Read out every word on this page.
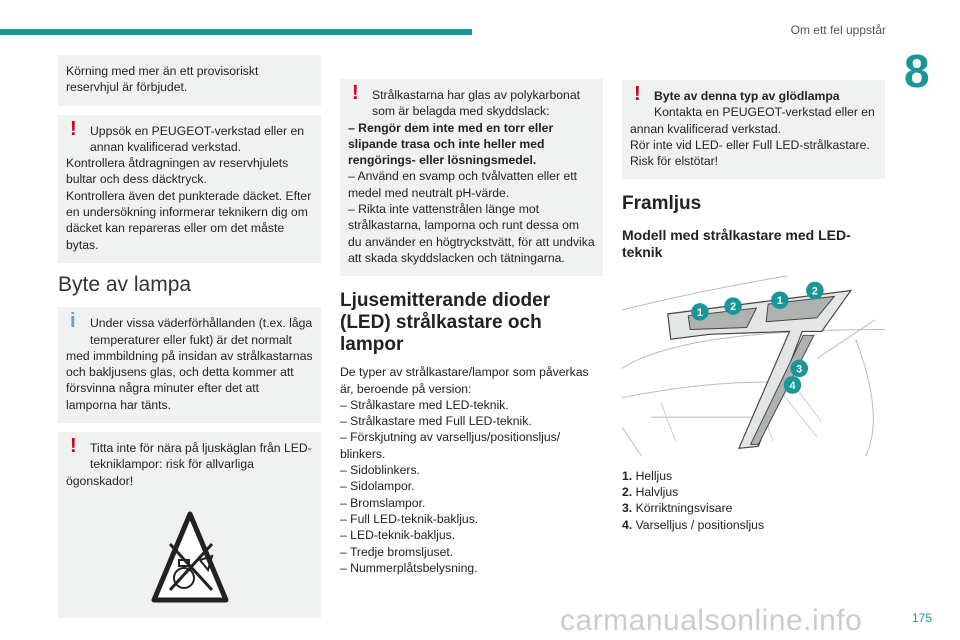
Om ett fel uppstår
8

Körning med mer än ett provisoriskt reservhjul är förbjudet.

!	Uppsök en PEUGEOT-verkstad eller en annan kvalificerad verkstad.

Kontrollera åtdragningen av reservhjulets bultar och dess däcktryck.

Kontrollera även det punkterade däcket. Efter en undersökning informerar teknikern dig om däcket kan repareras eller om det måste bytas.

Byte av lampa
i	Under vissa väderförhållanden (t.ex. låga temperaturer eller fukt) är det normalt

med immbildning på insidan av strålkastarnas och bakljusens glas, och detta kommer att försvinna några minuter efter det att lamporna har tänts.

!	Titta inte för nära på ljuskäglan från LED-tekniklampor: risk för allvarliga

ögonskador!

!	Strålkastarna har glas av polykarbonat som är belagda med skyddslack:

– Rengör dem inte med en torr eller slipande trasa och inte heller med rengörings- eller lösningsmedel.

– Använd en svamp och tvålvatten eller ett medel med neutralt pH-värde.

– Rikta inte vattenstrålen länge mot strålkastarna, lamporna och runt dessa om du använder en högtryckstvätt, för att undvika att skada skyddslacken och tätningarna.

Ljusemitterande dioder (LED) strålkastare och lampor

De typer av strålkastare/lampor som påverkas är, beroende på version:

– Strålkastare med LED-teknik.

– Strålkastare med Full LED-teknik.

– Förskjutning av varselljus/positionsljus/ blinkers.

– Sidoblinkers.

– Sidolampor.

– Bromslampor.

– Full LED-teknik-bakljus.

– LED-teknik-bakljus.

– Tredje bromsljuset.

– Nummerplåtsbelysning.

!	Byte av denna typ av glödlampa
Kontakta en PEUGEOT-verkstad eller en

annan kvalificerad verkstad.

Rör inte vid LED- eller Full LED-strålkastare.

Risk för elstötar!

Framljus
Modell med strålkastare med LED-teknik
1 2	1
2
3
4

1. Helljus

2. Halvljus

3. Körriktningsvisare

4. Varselljus / positionsljus

carmanualsonline.info	175
